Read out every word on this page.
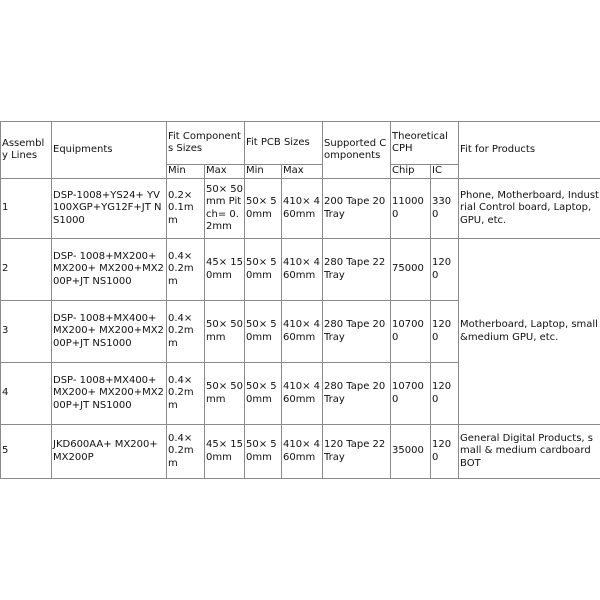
Assembly Lines	Equipments	Fit Components Sizes		Fit PCB Sizes		Supported Components	Theoretical CPH		Fit for Products
		Min	Max	Min	Max		Chip	IC	
1	DSP-1008+YS24+ YV100XGP+YG12F+JT NS1000	0.2× 0.1mm	50× 50mm Pitch= 0.2mm	50× 50mm	410× 460mm	200 Tape 20 Tray	110000	3300	Phone, Motherboard, Industrial Control board, Laptop, GPU, etc.
2	DSP- 1008+MX200+MX200+ MX200+MX200P+JT NS1000	0.4× 0.2mm	45× 150mm	50× 50mm	410× 460mm	280 Tape 22 Tray	75000	1200	Motherboard, Laptop, small&medium GPU, etc.
3	DSP- 1008+MX400+MX200+ MX200+MX200P+JT NS1000	0.4× 0.2mm	50× 50mm	50× 50mm	410× 460mm	280 Tape 20 Tray	107000	1200	
4	DSP- 1008+MX400+MX200+ MX200+MX200P+JT NS1000	0.4× 0.2mm	50× 50mm	50× 50mm	410× 460mm	280 Tape 20 Tray	107000	1200	
5	JKD600AA+ MX200+MX200P	0.4× 0.2mm	45× 150mm	50× 50mm	410× 460mm	120 Tape 22 Tray	35000	1200	General Digital Products, small & medium cardboard BOT
